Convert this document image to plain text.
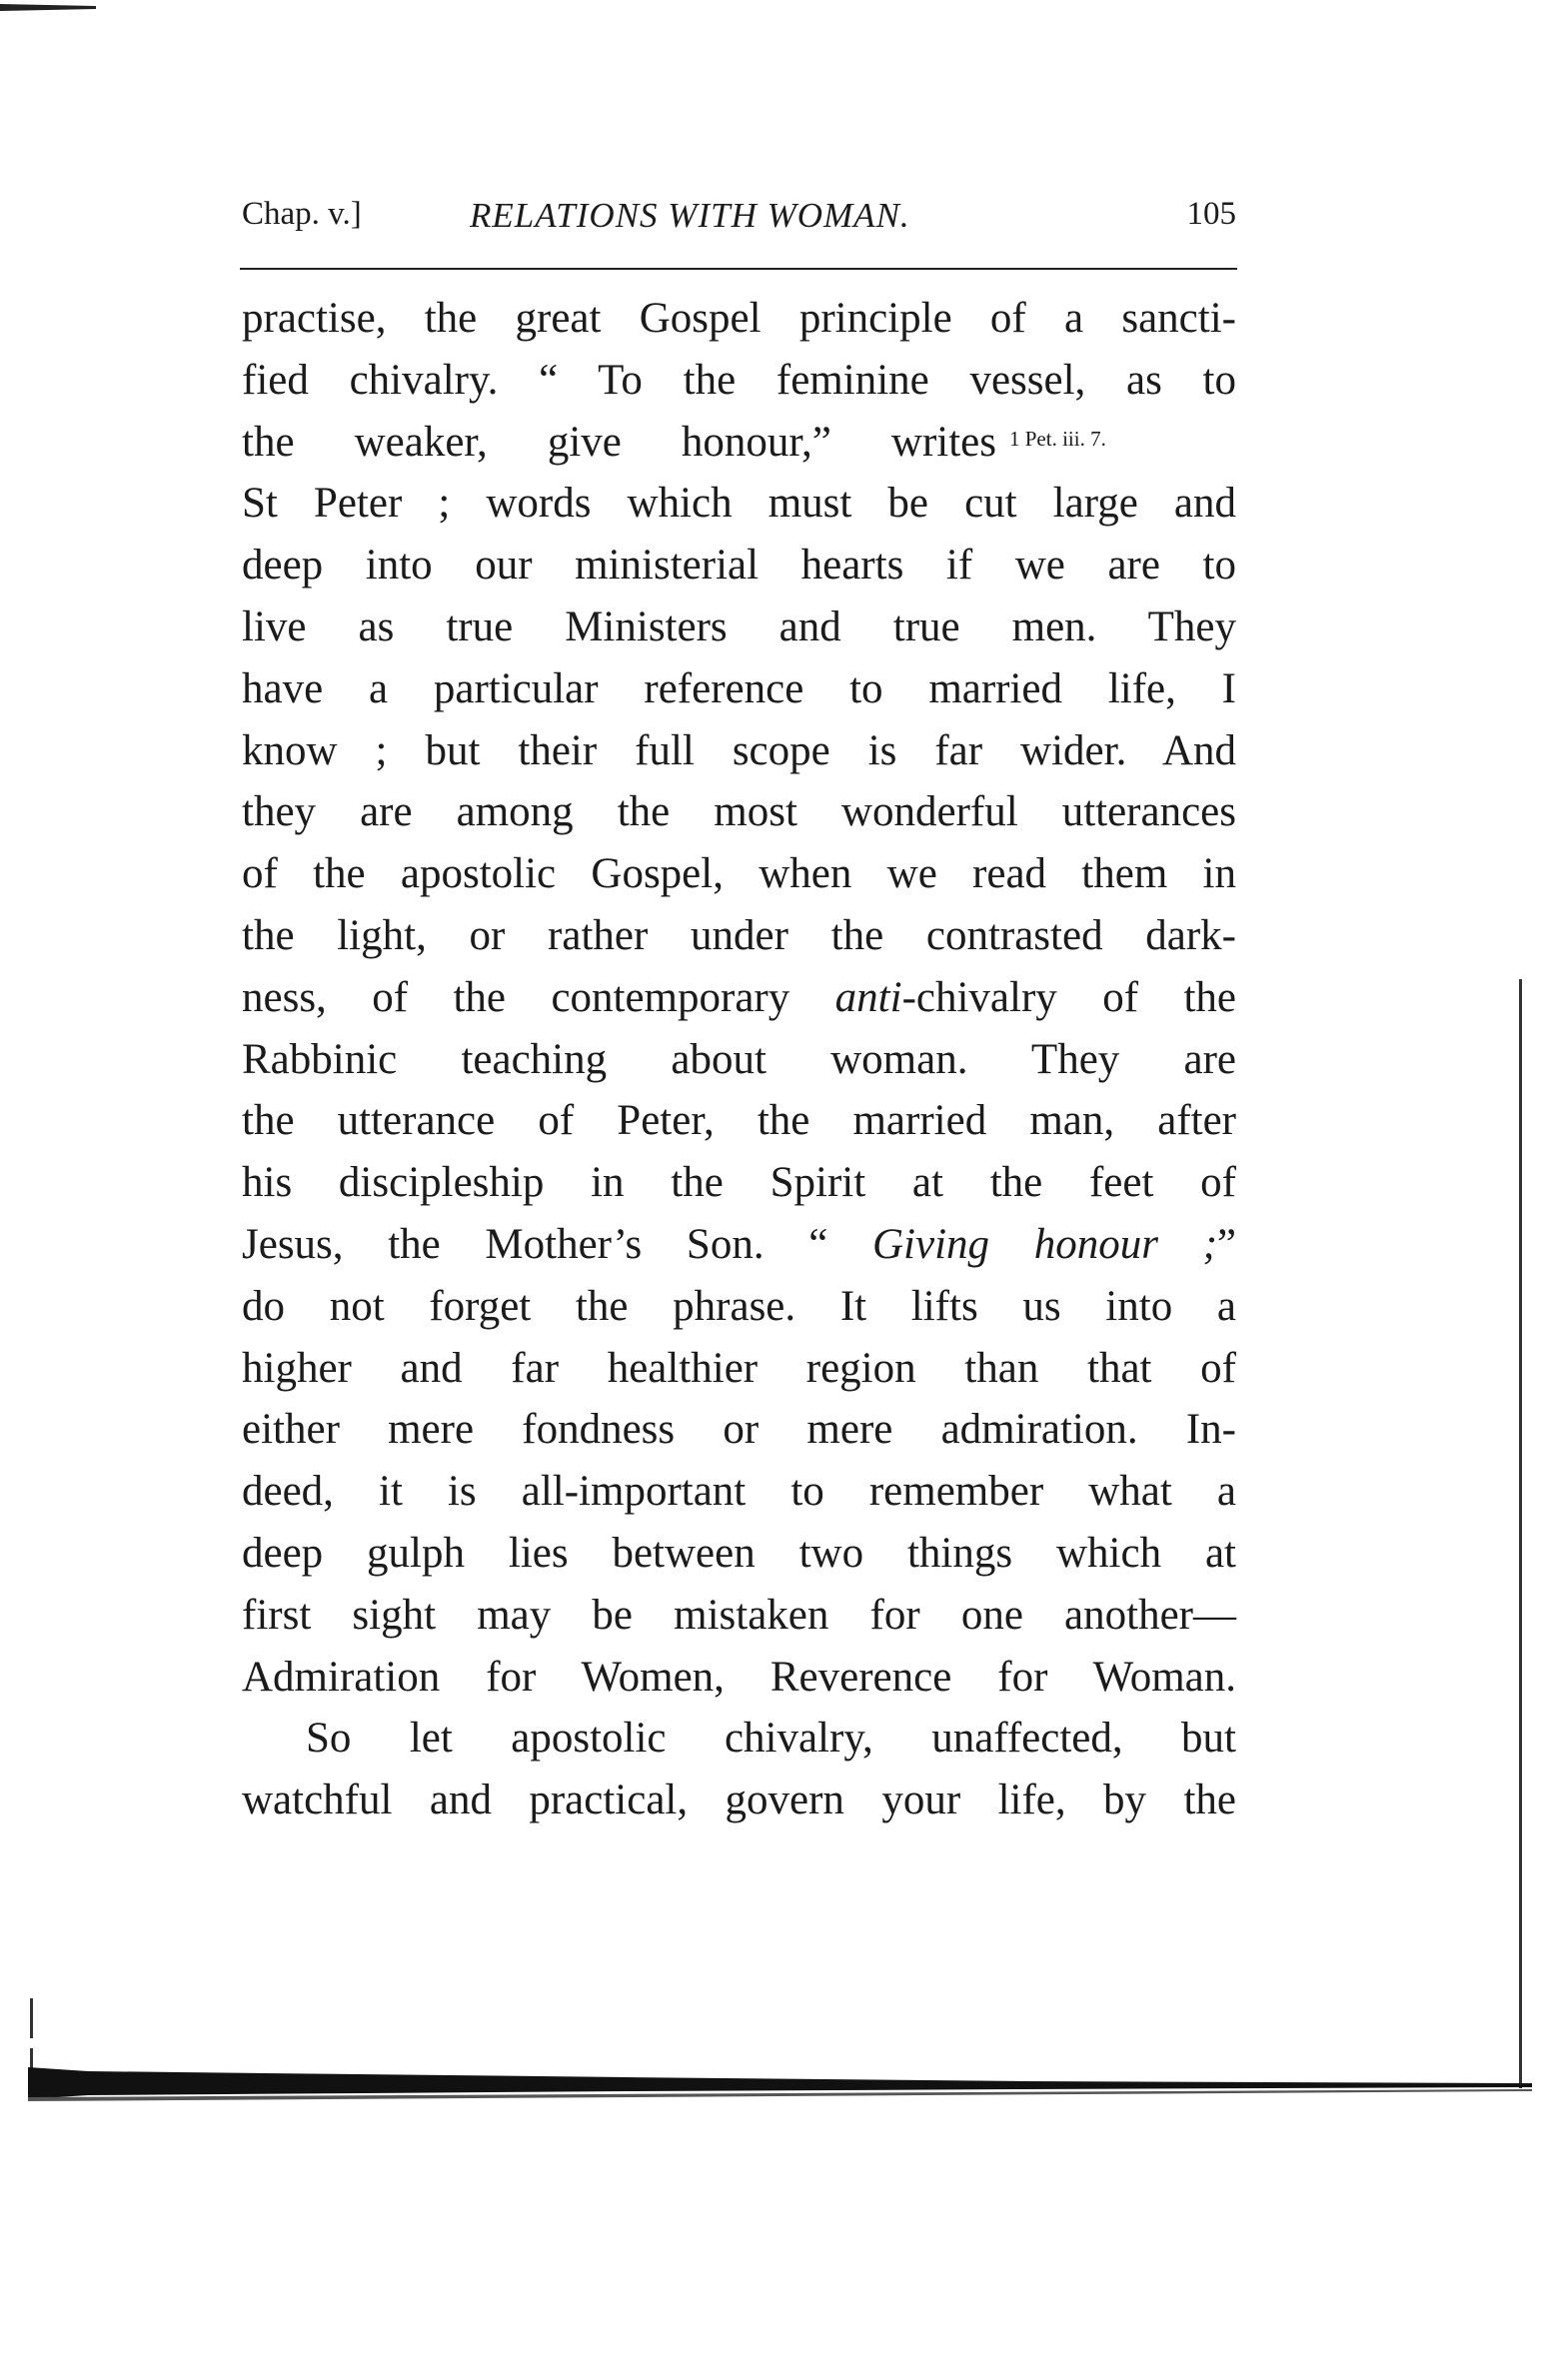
Chap. v.]	RELATIONS WITH WOMAN.	105
1 Pet. iii. 7.
practise, the great Gospel principle of a sancti-
fied chivalry. “ To the feminine vessel, as to
the weaker, give honour,” writes
St Peter ; words which must be cut large and
deep into our ministerial hearts if we are to
live as true Ministers and true men. They
have a particular reference to married life, I
know ; but their full scope is far wider. And
they are among the most wonderful utterances
of the apostolic Gospel, when we read them in
the light, or rather under the contrasted dark-
ness, of the contemporary anti-chivalry of the
Rabbinic teaching about woman. They are
the utterance of Peter, the married man, after
his discipleship in the Spirit at the feet of
Jesus, the Mother’s Son. “ Giving honour ;”
do not forget the phrase. It lifts us into a
higher and far healthier region than that of
either mere fondness or mere admiration. In-
deed, it is all-important to remember what a
deep gulph lies between two things which at
first sight may be mistaken for one another—
Admiration for Women, Reverence for Woman.
So let apostolic chivalry, unaffected, but
watchful and practical, govern your life, by the
